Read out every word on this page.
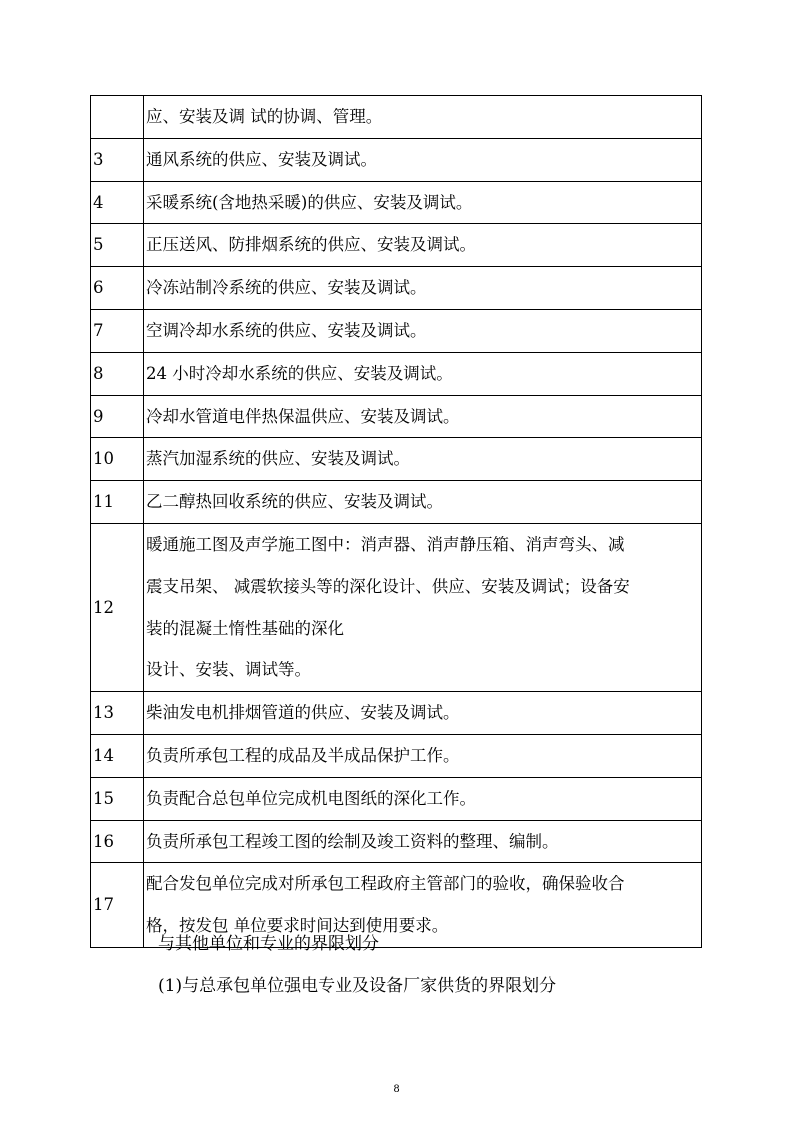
	应、安装及调 试的协调、管理。
3	通风系统的供应、安装及调试。
4	采暖系统(含地热采暖)的供应、安装及调试。
5	正压送风、防排烟系统的供应、安装及调试。
6	冷冻站制冷系统的供应、安装及调试。
7	空调冷却水系统的供应、安装及调试。
8	24 小时冷却水系统的供应、安装及调试。
9	冷却水管道电伴热保温供应、安装及调试。
10	蒸汽加湿系统的供应、安装及调试。
11	乙二醇热回收系统的供应、安装及调试。
12	暖通施工图及声学施工图中：消声器、消声静压箱、消声弯头、减
震支吊架、 减震软接头等的深化设计、供应、安装及调试；设备安
装的混凝土惰性基础的深化
设计、安装、调试等。

13	柴油发电机排烟管道的供应、安装及调试。
14	负责所承包工程的成品及半成品保护工作。
15	负责配合总包单位完成机电图纸的深化工作。
16	负责所承包工程竣工图的绘制及竣工资料的整理、编制。
17	配合发包单位完成对所承包工程政府主管部门的验收，确保验收合
格，按发包 单位要求时间达到使用要求。
与其他单位和专业的界限划分
(1)与总承包单位强电专业及设备厂家供货的界限划分
8
